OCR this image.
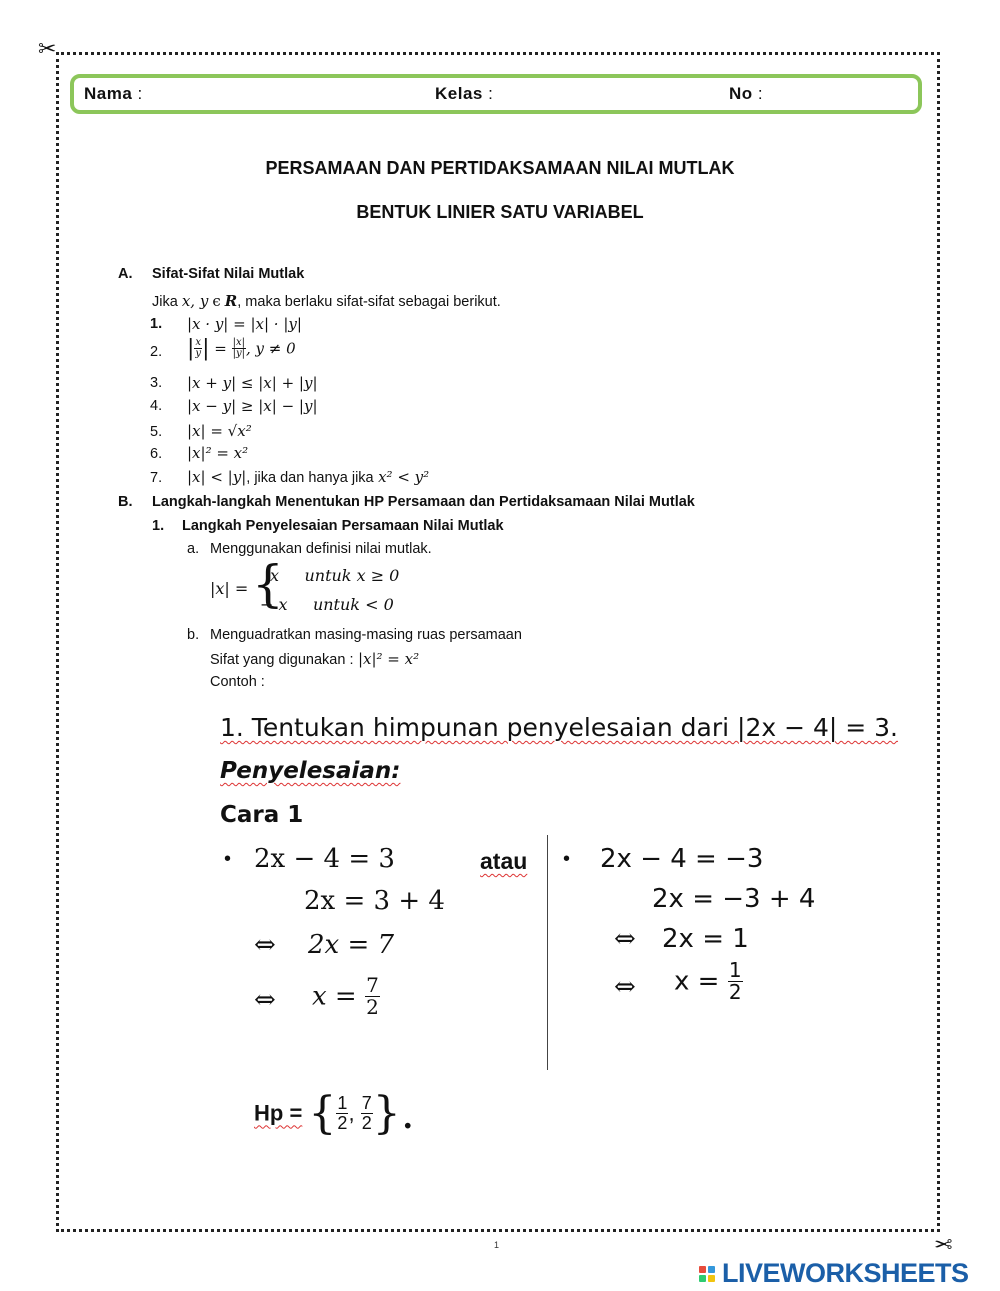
✂
✂
Nama :	Kelas :	No :
PERSAMAAN DAN PERTIDAKSAMAAN NILAI MUTLAK
BENTUK LINIER SATU VARIABEL
A. Sifat-Sifat Nilai Mutlak
Jika x, y ϵ R, maka berlaku sifat-sifat sebagai berikut.
1. |x · y| = |x| · |y|
2. | $\frac{x}{y}$ | = $\frac{|x|}{|y|}$ , y ≠ 0
3. |x + y| ≤ |x| + |y|
4. |x − y| ≥ |x| − |y|
5. |x| = √x²
6. |x|² = x²
7. |x| < |y|, jika dan hanya jika x² < y²
B. Langkah-langkah Menentukan HP Persamaan dan Pertidaksamaan Nilai Mutlak
1. Langkah Penyelesaian Persamaan Nilai Mutlak
a. Menggunakan definisi nilai mutlak.
|x| = {
x     untuk x ≥ 0
− x     untuk < 0
b. Menguadratkan masing-masing ruas persamaan
Sifat yang digunakan : |x|² = x²
Contoh :
1. Tentukan himpunan penyelesaian dari |2x − 4| = 3.
Penyelesaian:
Cara 1
• 2x − 4 = 3
2x = 3 + 4
⇔ 2x = 7
⇔ $x = \frac{7}{2}$
atau • 2x − 4 = −3
2x = −3 + 4
⇔ 2x = 1
⇔ $x = \frac{1}{2}$
Hp = { $\frac{1}{2}$ , $\frac{7}{2}$ }.
1
LIVEWORKSHEETS
